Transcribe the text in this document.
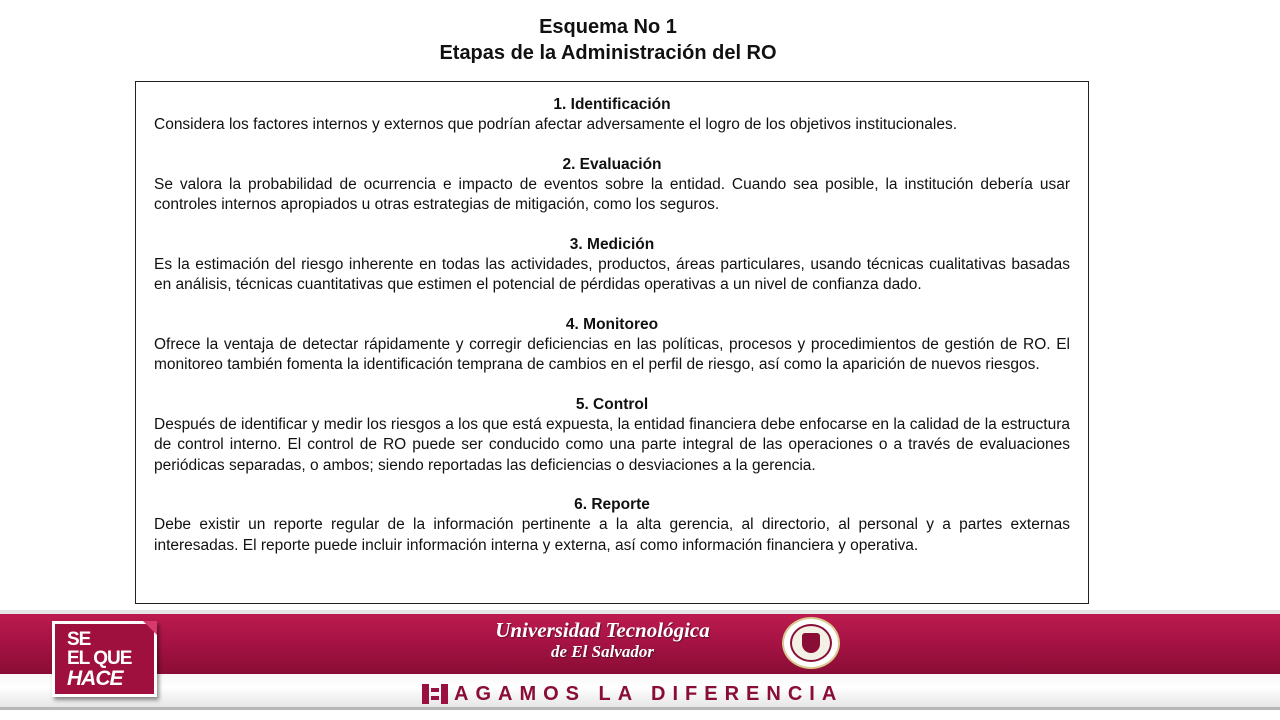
Esquema No 1
Etapas de la Administración del RO
1. Identificación
Considera los factores internos y externos que podrían afectar adversamente el logro de los objetivos institucionales.
2. Evaluación
Se valora la probabilidad de ocurrencia e impacto de eventos sobre la entidad. Cuando sea posible, la institución debería usar controles internos apropiados u otras estrategias de mitigación, como los seguros.
3. Medición
Es la estimación del riesgo inherente en todas las actividades, productos, áreas particulares, usando técnicas cualitativas basadas en análisis, técnicas cuantitativas que estimen el potencial de pérdidas operativas a un nivel de confianza dado.
4. Monitoreo
Ofrece la ventaja de detectar rápidamente y corregir deficiencias en las políticas, procesos y procedimientos de gestión de RO. El monitoreo también fomenta la identificación temprana de cambios en el perfil de riesgo, así como la aparición de nuevos riesgos.
5. Control
Después de identificar y medir los riesgos a los que está expuesta, la entidad financiera debe enfocarse en la calidad de la estructura de control interno. El control de RO puede ser conducido como una parte integral de las operaciones o a través de evaluaciones periódicas separadas, o ambos; siendo reportadas las deficiencias o desviaciones a la gerencia.
6. Reporte
Debe existir un reporte regular de la información pertinente a la alta gerencia, al directorio, al personal y a partes externas interesadas. El reporte puede incluir información interna y externa, así como información financiera y operativa.
SE
EL QUE
HACE
Universidad Tecnológica
de El Salvador
AGAMOS LA DIFERENCIA
